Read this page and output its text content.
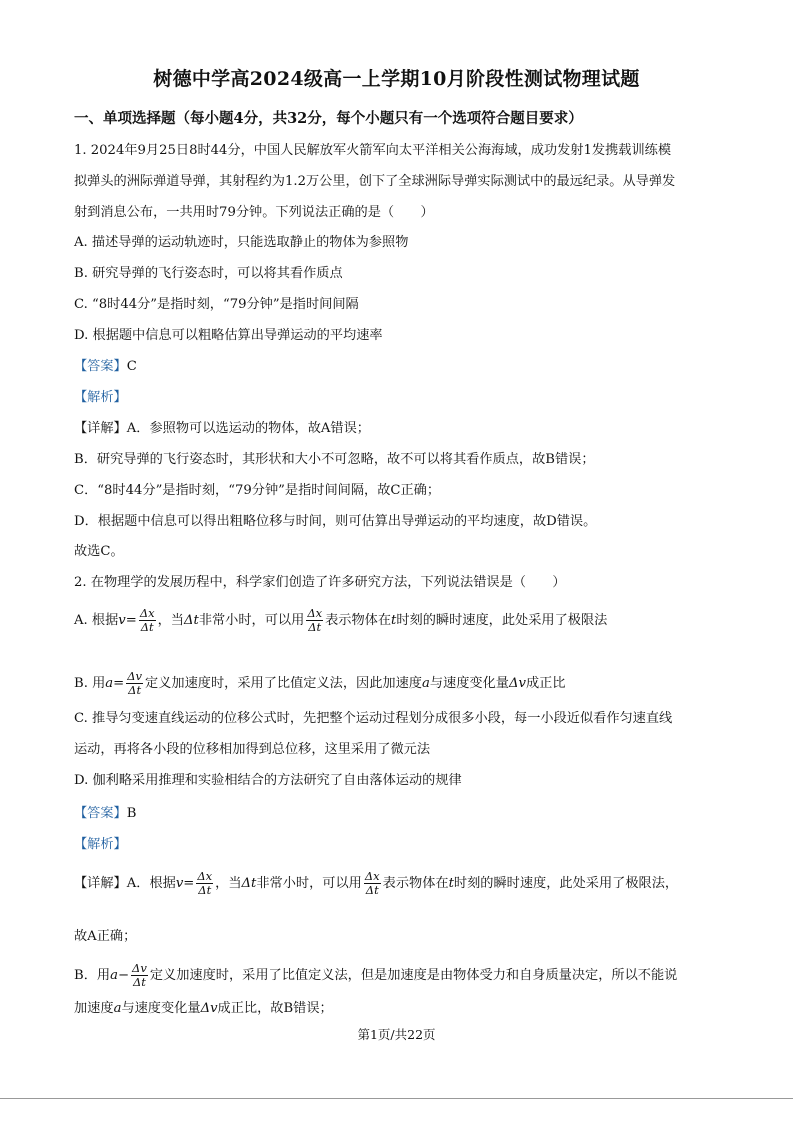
树德中学高2024级高一上学期10月阶段性测试物理试题
一、单项选择题（每小题4分，共32分，每个小题只有一个选项符合题目要求）
1. 2024年9月25日8时44分，中国人民解放军火箭军向太平洋相关公海海域，成功发射1发携载训练模
拟弹头的洲际弹道导弹，其射程约为1.2万公里，创下了全球洲际导弹实际测试中的最远纪录。从导弹发
射到消息公布，一共用时79分钟。下列说法正确的是（　　）
A. 描述导弹的运动轨迹时，只能选取静止的物体为参照物
B. 研究导弹的飞行姿态时，可以将其看作质点
C. “8时44分”是指时刻，“79分钟”是指时间间隔
D. 根据题中信息可以粗略估算出导弹运动的平均速率
【答案】C
【解析】
【详解】A．参照物可以选运动的物体，故A错误；
B．研究导弹的飞行姿态时，其形状和大小不可忽略，故不可以将其看作质点，故B错误；
C．“8时44分”是指时刻，“79分钟”是指时间间隔，故C正确；
D．根据题中信息可以得出粗略位移与时间，则可估算出导弹运动的平均速度，故D错误。
故选C。
2. 在物理学的发展历程中，科学家们创造了许多研究方法，下列说法错误是（　　）
A. 根据$v= \frac{\Delta x}{\Delta t}$ ，当Δt非常小时，可以用 $\frac{\Delta x}{\Delta t}$ 表示物体在t时刻的瞬时速度，此处采用了极限法
B. 用$a= \frac{\Delta v}{\Delta t}$ 定义加速度时，采用了比值定义法，因此加速度a与速度变化量Δv成正比
C. 推导匀变速直线运动的位移公式时，先把整个运动过程划分成很多小段，每一小段近似看作匀速直线
运动，再将各小段的位移相加得到总位移，这里采用了微元法
D. 伽利略采用推理和实验相结合的方法研究了自由落体运动的规律
【答案】B
【解析】
【详解】A．根据$v= \frac{\Delta x}{\Delta t}$ ，当Δt非常小时，可以用 $\frac{\Delta x}{\Delta t}$ 表示物体在t时刻的瞬时速度，此处采用了极限法，
故A正确；
B．用$a- \frac{\Delta v}{\Delta t}$ 定义加速度时，采用了比值定义法，但是加速度是由物体受力和自身质量决定，所以不能说
加速度a与速度变化量Δv成正比，故B错误；
第1页/共22页
